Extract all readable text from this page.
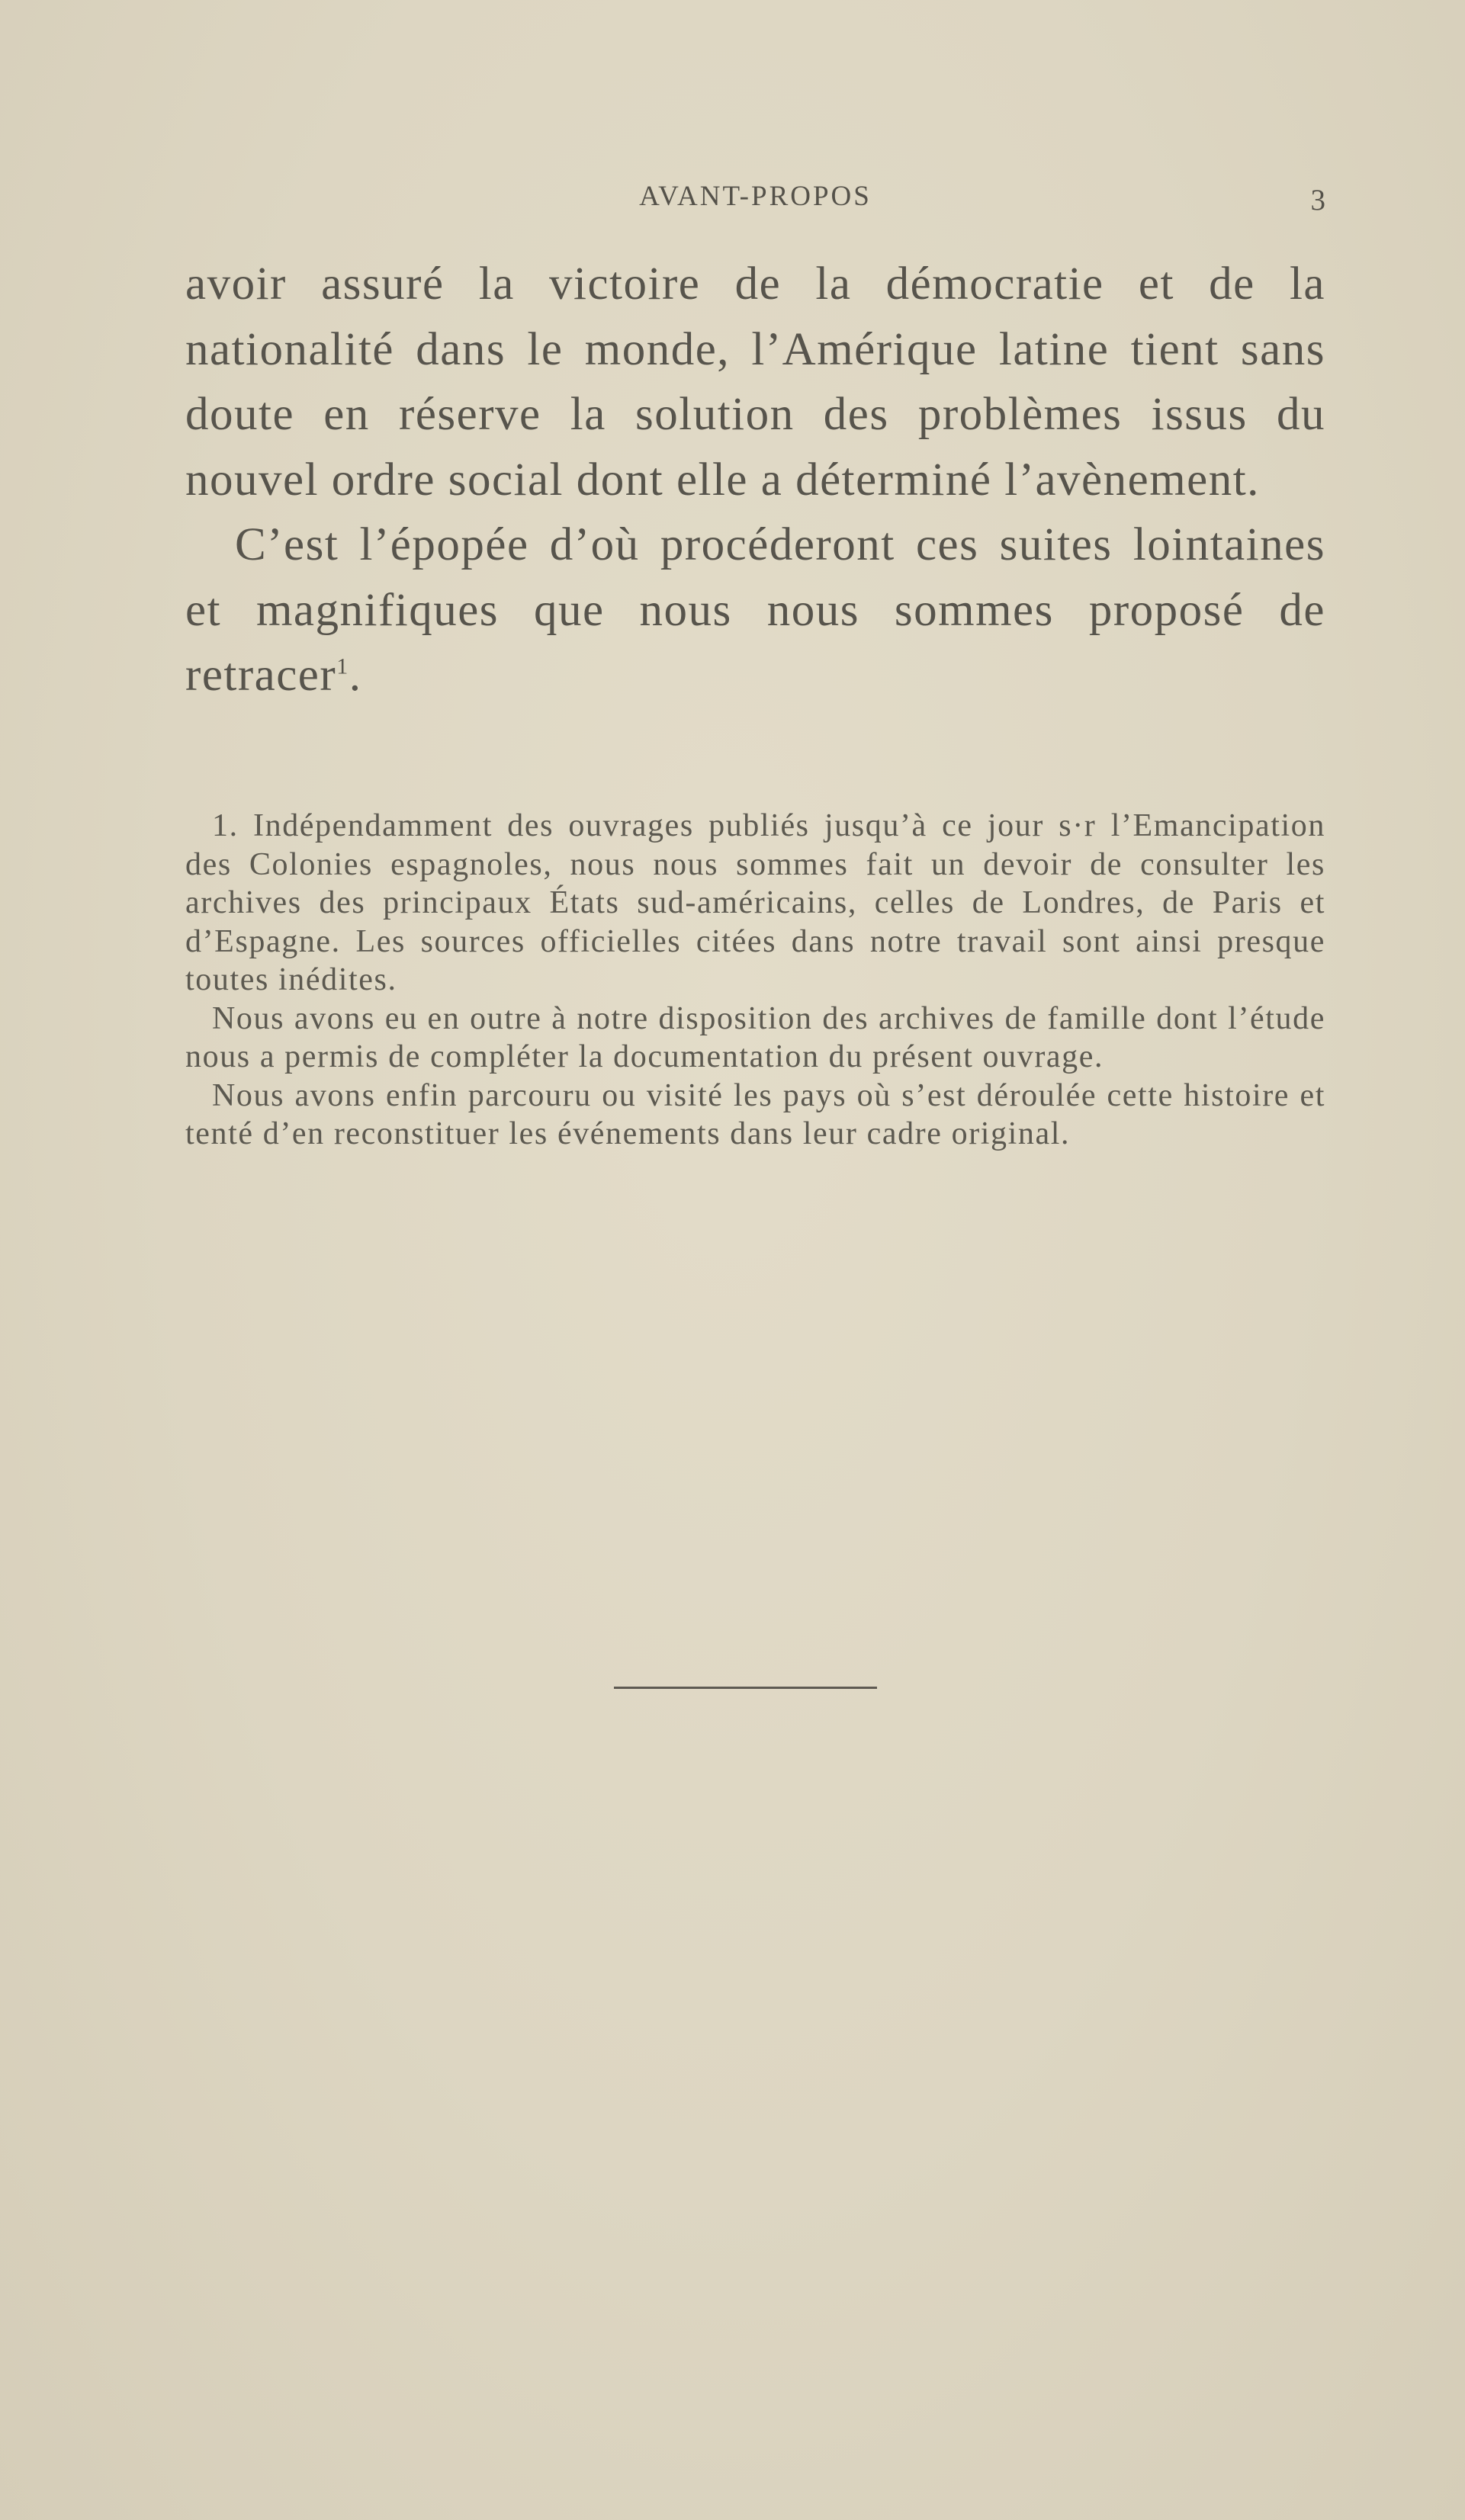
AVANT-PROPOS	3

avoir assuré la victoire de la démocratie et de la nationalité dans le monde, l’Amérique latine tient sans doute en réserve la solution des problèmes issus du nouvel ordre social dont elle a déterminé l’avènement.

C’est l’épopée d’où procéderont ces suites lointaines et magnifiques que nous nous sommes proposé de retracer$^1$.

1. Indépendamment des ouvrages publiés jusqu’à ce jour s·r l’Emancipation des Colonies espagnoles, nous nous sommes fait un devoir de consulter les archives des principaux États sud-américains, celles de Londres, de Paris et d’Espagne. Les sources officielles citées dans notre travail sont ainsi presque toutes inédites.

Nous avons eu en outre à notre disposition des archives de famille dont l’étude nous a permis de compléter la documentation du présent ouvrage.

Nous avons enfin parcouru ou visité les pays où s’est déroulée cette histoire et tenté d’en reconstituer les événements dans leur cadre original.
